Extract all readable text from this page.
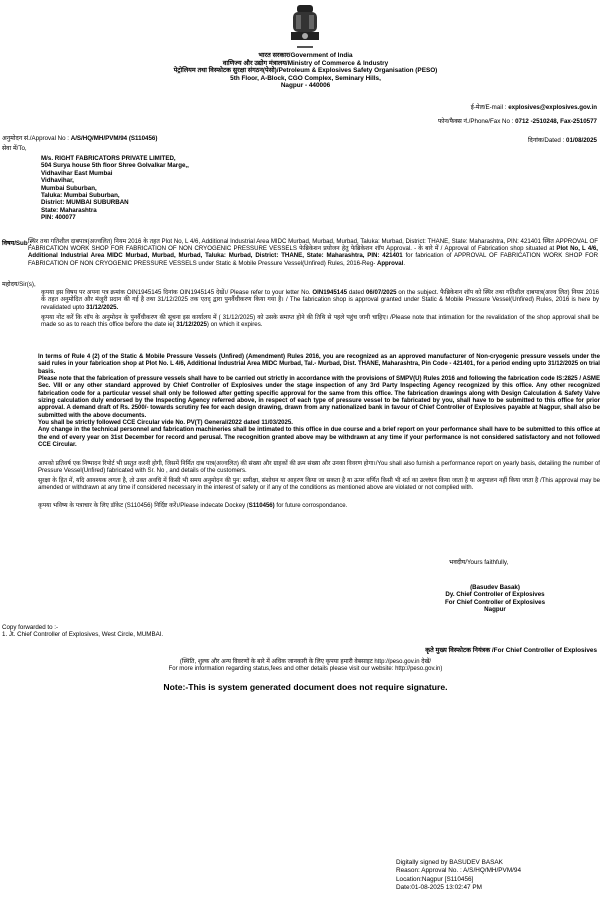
भारत सरकार/Government of India
वाणिज्य और उद्योग मंत्रालय/Ministry of Commerce & Industry
पेट्रोलियम तथा विस्फोटक सुरक्षा संगठन(पेसो)/Petroleum & Explosives Safety Organisation (PESO)
5th Floor, A-Block, CGO Complex, Seminary Hills,
Nagpur - 440006
ई-मेल/E-mail : explosives@explosives.gov.in
फोन/फैक्स नं./Phone/Fax No : 0712 -2510248, Fax-2510577
अनुमोदन सं./Approval No : A/S/HQ/MH/PVM/94 (S110456)	दिनांक/Dated : 01/08/2025
सेवा में/To,
M/s. RIGHT FABRICATORS PRIVATE LIMITED,
504 Surya house 5th floor Shree Golvalkar Marge,,
Vidhavihar East Mumbai
Vidhavihar,
Mumbai Suburban,
Taluka: Mumbai Suburban,
District: MUMBAI SUBURBAN
State: Maharashtra
PIN: 400077
विषय/Sub :
स्थिर तथा गतिशील दाबपात्र(अज्वलित) नियम 2016 के तहत Plot No, L 4/6, Additional Industrial Area MIDC Murbad, Murbad, Murbad, Taluka: Murbad, District: THANE, State: Maharashtra, PIN: 421401 स्थित APPROVAL OF FABRICATION WORK SHOP FOR FABRICATION OF NON CRYOGENIC PRESSURE VESSELS फेब्रिकेशन प्रयोजन हेतु फेब्रिकेशन शॉप Approval. - के बारे में / Approval of Fabrication shop situated at Plot No, L 4/6, Additional Industrial Area MIDC Murbad, Murbad, Murbad, Taluka: Murbad, District: THANE, State: Maharashtra, PIN: 421401 for fabrication of APPROVAL OF FABRICATION WORK SHOP FOR FABRICATION OF NON CRYOGENIC PRESSURE VESSELS under Static & Mobile Pressure Vessel(Unfired) Rules, 2016-Reg- Approval.
महोदय/Sir(s),
कृपया इस विषय पर अपना पत्र क्रमांक OIN1945145 दिनांक OIN1945145 देखें।/ Please refer to your letter No. OIN1945145 dated 06/07/2025 on the subject. फैब्रिकेशन शॉप को स्थिर तथा गतिशील दाबपात्र(अज्व लित) नियम 2016 के तहत अनुमोदित और मंजूरी प्रदान की गई है तथा 31/12/2025 तक एतद् द्वारा पुनर्वैधीकरण किया गया है। / The fabrication shop is approval granted under Static & Mobile Pressure Vessel(Unfired) Rules, 2016 is here by revalidated upto 31/12/2025.
कृपया नोट करें कि शॉप के अनुमोदन के पुनर्वैधीकरण की सूचना इस कार्यालय में ( 31/12/2025) को उसके समाप्त होने की तिथि से पहले पहुंच जानी चाहिए। /Please note that intimation for the revalidation of the shop approval shall be made so as to reach this office before the date ie( 31/12/2025) on which it expires.
In terms of Rule 4 (2) of the Static & Mobile Pressure Vessels (Unfired) (Amendment) Rules 2016, you are recognized as an approved manufacturer of Non-cryogenic pressure vessels under the said rules in your fabrication shop at Plot No. L 4/6, Additional Industrial Area MIDC Murbad, Tal.- Murbad, Dist. THANE, Maharashtra, Pin Code - 421401, for a period ending upto 31/12/2025 on trial basis.
Please note that the fabrication of pressure vessels shall have to be carried out strictly in accordance with the provisions of SMPV(U) Rules 2016 and following the fabrication code IS:2825 / ASME Sec. VIII or any other standard approved by Chief Controller of Explosives under the stage inspection of any 3rd Party Inspecting Agency recognized by this office. Any other recognized fabrication code for a particular vessel shall only be followed after getting specific approval for the same from this office. The fabrication drawings along with Design Calculation & Safety Valve sizing calculation duly endorsed by the Inspecting Agency referred above, in respect of each type of pressure vessel to be fabricated by you, shall have to be submitted to this office for prior approval. A demand draft of Rs. 2500/- towards scrutiny fee for each design drawing, drawn from any nationalized bank in favour of Chief Controller of Explosives payable at Nagpur, shall also be submitted with the above documents.
You shall be strictly followed CCE Circular vide No. PV(T) General/2022 dated 11/03/2025.
Any change in the technical personnel and fabrication machineries shall be intimated to this office in due course and a brief report on your performance shall have to be submitted to this office at the end of every year on 31st December for record and perusal. The recognition granted above may be withdrawn at any time if your performance is not considered satisfactory and not followed CCE Circular.
आपको प्रतिवर्ष एक निष्पादन रिपोर्ट भी प्रस्तुत करनी होगी, जिसमें निर्मित दाब पात्र(अज्वलित) की संख्या और ग्राहकों की क्रम संख्या और उनका विवरण होगा।/You shall also furnish a performance report on yearly basis, detailing the number of Pressure Vessel(Unfired) fabricated with Sr. No , and details of the customers.
सुरक्षा के हित में, यदि आवश्यक लगता है, तो उक्त अवधि में किसी भी समय अनुमोदन की पुन: समीक्षा, संशोधन या आहरण किया जा सकता है या ऊपर वर्णित किसी भी शर्त का उल्लंघन किया जाता है या अनुपालन नहीं किया जाता है /This approval may be amended or withdrawn at any time if considered necessary in the interest of safety or if any of the conditions as mentioned above are violated or not complied with.
कृपया भविष्य के पत्राचार के लिए डॉकेट (S110456) निर्दिष्ट करें।/Please indecate Dockey (S110456) for future corrospondance.
भवदीय/Yours faithfully,
(Basudev Basak)
Dy. Chief Controller of Explosives
For Chief Controller of Explosives
Nagpur
Copy forwarded to :-
1. Jt. Chief Controller of Explosives, West Circle, MUMBAI.
कृते मुख्य विस्फोटक नियंत्रक /For Chief Controller of Explosives
(स्थिति, शुल्क और अन्य विवरणों के बारे में अधिक जानकारी के लिए कृपया हमारी वेबसाइट http://peso.gov.in देखें/
For more information regarding status,fees and other details please visit our website: http://peso.gov.in)
Note:-This is system generated document does not require signature.
Digitally signed by BASUDEV BASAK
Reason: Approval No. : A/S/HQ/MH/PVM/94
Location:Nagpur [S110456]
Date:01-08-2025 13:02:47 PM
